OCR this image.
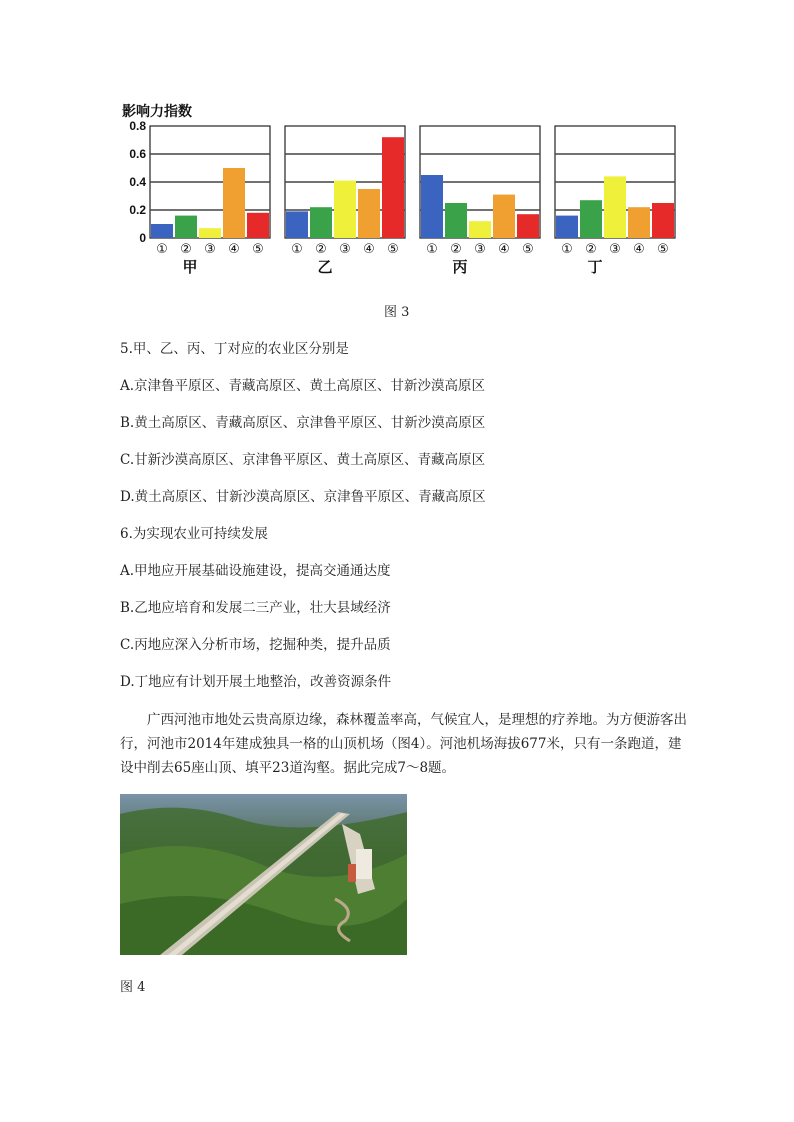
影响力指数
0
0.2
0.4
0.6
0.8
① ② ③ ④ ⑤
甲
① ② ③ ④ ⑤
乙
① ② ③ ④ ⑤
丙
① ② ③ ④ ⑤
丁
图 3
5.甲、乙、丙、丁对应的农业区分别是
A.京津鲁平原区、青藏高原区、黄土高原区、甘新沙漠高原区
B.黄土高原区、青藏高原区、京津鲁平原区、甘新沙漠高原区
C.甘新沙漠高原区、京津鲁平原区、黄土高原区、青藏高原区
D.黄土高原区、甘新沙漠高原区、京津鲁平原区、青藏高原区
6.为实现农业可持续发展
A.甲地应开展基础设施建设，提高交通通达度
B.乙地应培育和发展二三产业，壮大县域经济
C.丙地应深入分析市场，挖掘种类，提升品质
D.丁地应有计划开展土地整治，改善资源条件
广西河池市地处云贵高原边缘，森林覆盖率高，气候宜人，是理想的疗养地。为方便游客出行，河池市2014年建成独具一格的山顶机场（图4）。河池机场海拔677米，只有一条跑道，建设中削去65座山顶、填平23道沟壑。据此完成7～8题。
图 4
